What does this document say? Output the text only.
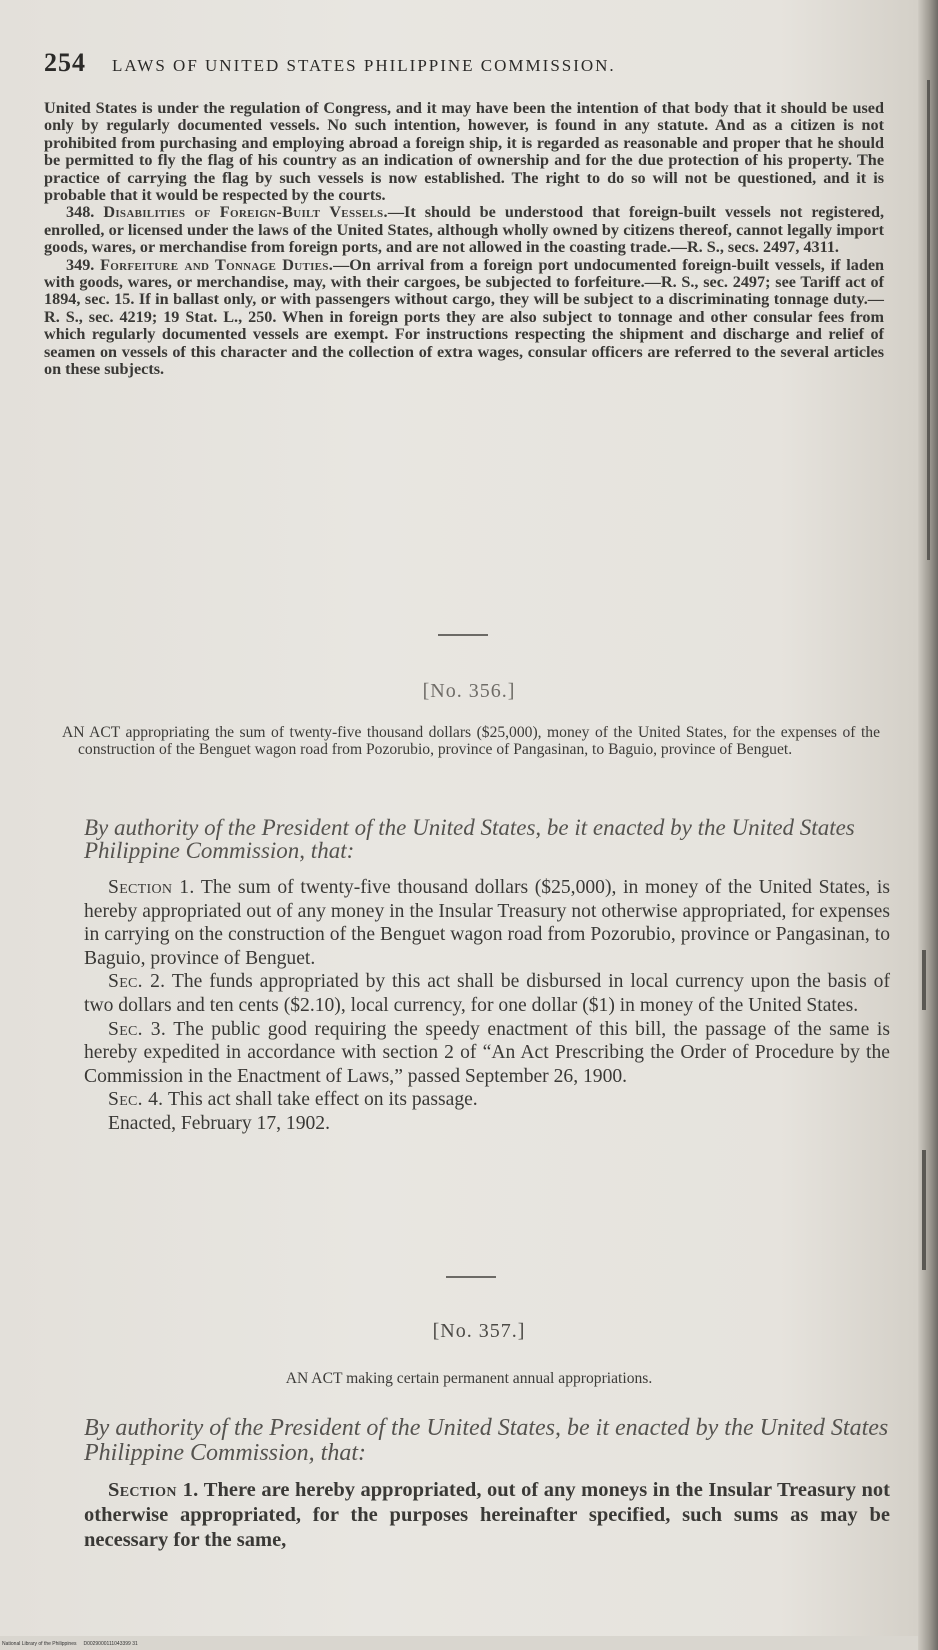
254 LAWS OF UNITED STATES PHILIPPINE COMMISSION.

United States is under the regulation of Congress, and it may have been the intention of that body that it should be used only by regularly documented vessels. No such intention, however, is found in any statute. And as a citizen is not prohibited from purchasing and employing abroad a foreign ship, it is regarded as reasonable and proper that he should be permitted to fly the flag of his country as an indication of ownership and for the due protection of his property. The practice of carrying the flag by such vessels is now established. The right to do so will not be questioned, and it is probable that it would be respected by the courts.

348. Disabilities of Foreign-Built Vessels.—It should be understood that foreign-built vessels not registered, enrolled, or licensed under the laws of the United States, although wholly owned by citizens thereof, cannot legally import goods, wares, or merchandise from foreign ports, and are not allowed in the coasting trade.—R. S., secs. 2497, 4311.

349. Forfeiture and Tonnage Duties.—On arrival from a foreign port undocumented foreign-built vessels, if laden with goods, wares, or merchandise, may, with their cargoes, be subjected to forfeiture.—R. S., sec. 2497; see Tariff act of 1894, sec. 15. If in ballast only, or with passengers without cargo, they will be subject to a discriminating tonnage duty.—R. S., sec. 4219; 19 Stat. L., 250. When in foreign ports they are also subject to tonnage and other consular fees from which regularly documented vessels are exempt. For instructions respecting the shipment and discharge and relief of seamen on vessels of this character and the collection of extra wages, consular officers are referred to the several articles on these subjects.

[No. 356.]

AN ACT appropriating the sum of twenty-five thousand dollars ($25,000), money of the United States, for the expenses of the construction of the Benguet wagon road from Pozorubio, province of Pangasinan, to Baguio, province of Benguet.

By authority of the President of the United States, be it enacted by the United States Philippine Commission, that:

Section 1. The sum of twenty-five thousand dollars ($25,000), in money of the United States, is hereby appropriated out of any money in the Insular Treasury not otherwise appropriated, for expenses in carrying on the construction of the Benguet wagon road from Pozorubio, province or Pangasinan, to Baguio, province of Benguet.

Sec. 2. The funds appropriated by this act shall be disbursed in local currency upon the basis of two dollars and ten cents ($2.10), local currency, for one dollar ($1) in money of the United States.

Sec. 3. The public good requiring the speedy enactment of this bill, the passage of the same is hereby expedited in accordance with section 2 of “An Act Prescribing the Order of Procedure by the Commission in the Enactment of Laws,” passed September 26, 1900.

Sec. 4. This act shall take effect on its passage.

Enacted, February 17, 1902.

[No. 357.]

AN ACT making certain permanent annual appropriations.

By authority of the President of the United States, be it enacted by the United States Philippine Commission, that:

Section 1. There are hereby appropriated, out of any moneys in the Insular Treasury not otherwise appropriated, for the purposes hereinafter specified, such sums as may be necessary for the same,

National Library of the Philippines D0029000111043399 31
